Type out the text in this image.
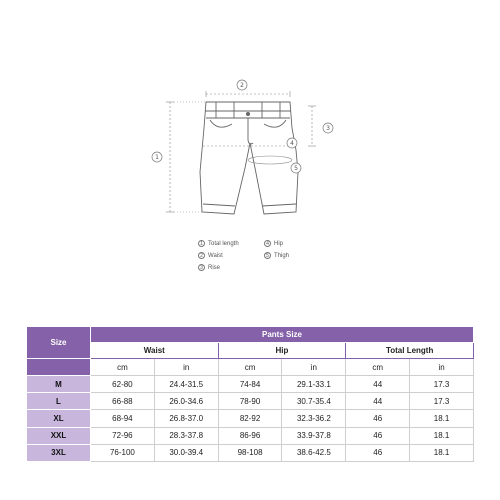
1
2
3
4
5
1 Total length
2 Waist
3 Rise
4 Hip
5 Thigh
Size	Pants Size					
	Waist		Hip		Total Length	
	cm	in	cm	in	cm	in
M	62-80	24.4-31.5	74-84	29.1-33.1	44	17.3
L	66-88	26.0-34.6	78-90	30.7-35.4	44	17.3
XL	68-94	26.8-37.0	82-92	32.3-36.2	46	18.1
XXL	72-96	28.3-37.8	86-96	33.9-37.8	46	18.1
3XL	76-100	30.0-39.4	98-108	38.6-42.5	46	18.1
